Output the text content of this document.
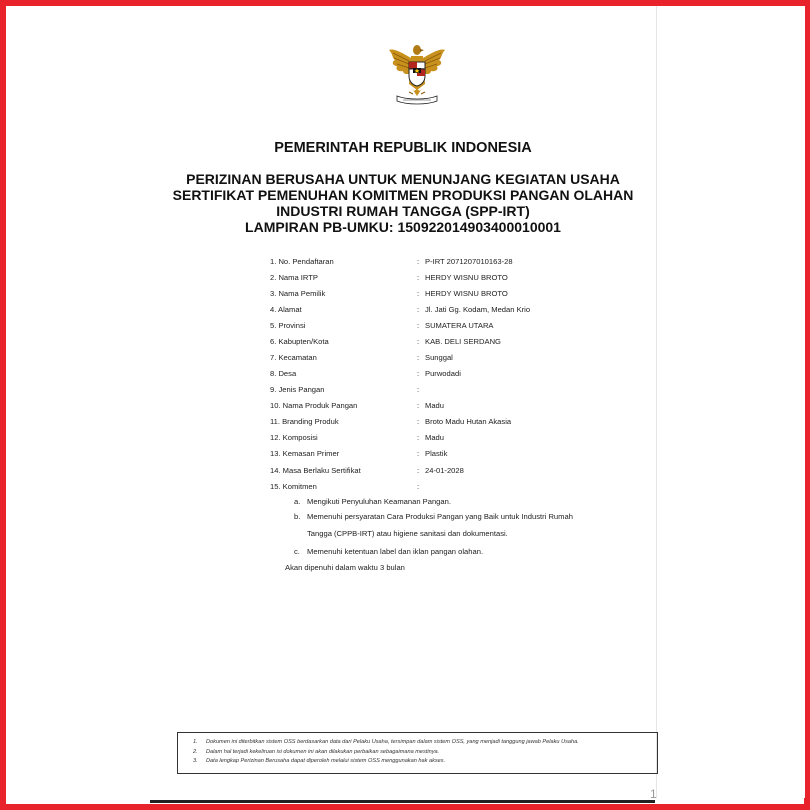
PEMERINTAH REPUBLIK INDONESIA
PERIZINAN BERUSAHA UNTUK MENUNJANG KEGIATAN USAHA
SERTIFIKAT PEMENUHAN KOMITMEN PRODUKSI PANGAN OLAHAN
INDUSTRI RUMAH TANGGA (SPP-IRT)
LAMPIRAN PB-UMKU: 150922014903400010001
1. No. Pendaftaran	: P-IRT 2071207010163-28
2. Nama IRTP	: HERDY WISNU BROTO
3. Nama Pemilik	: HERDY WISNU BROTO
4. Alamat	: Jl. Jati Gg. Kodam, Medan Krio
5. Provinsi	: SUMATERA UTARA
6. Kabupten/Kota	: KAB. DELI SERDANG
7. Kecamatan	: Sunggal
8. Desa	: Purwodadi
9. Jenis Pangan	:
10. Nama Produk Pangan	: Madu
11. Branding Produk	: Broto Madu Hutan Akasia
12. Komposisi	: Madu
13. Kemasan Primer	: Plastik
14. Masa Berlaku Sertifikat	: 24-01-2028
15. Komitmen	:
a. Mengikuti Penyuluhan Keamanan Pangan.
b. Memenuhi persyaratan Cara Produksi Pangan yang Baik untuk Industri Rumah
Tangga (CPPB-IRT) atau higiene sanitasi dan dokumentasi.
c. Memenuhi ketentuan label dan iklan pangan olahan.
Akan dipenuhi dalam waktu 3 bulan
1. Dokumen ini diterbitkan sistem OSS berdasarkan data dari Pelaku Usaha, tersimpan dalam sistem OSS, yang menjadi tanggung jawab Pelaku Usaha.
2. Dalam hal terjadi kekeliruan isi dokumen ini akan dilakukan perbaikan sebagaimana mestinya.
3. Data lengkap Perizinan Berusaha dapat diperoleh melalui sistem OSS menggunakan hak akses.
1
